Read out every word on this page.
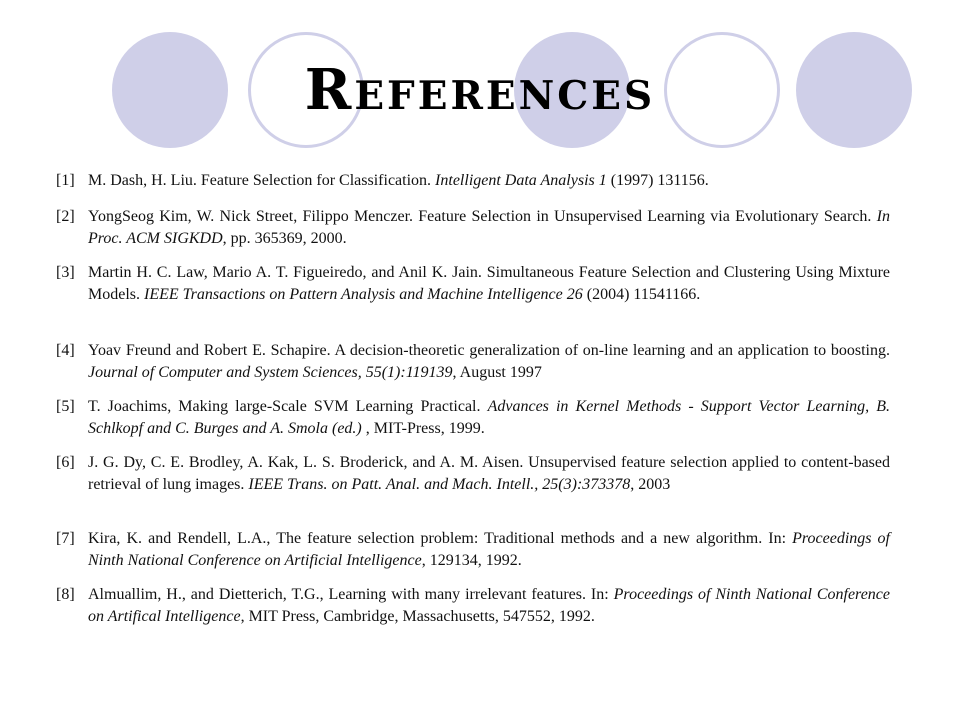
References
[1] M. Dash, H. Liu. Feature Selection for Classification. Intelligent Data Analysis 1 (1997) 131156.
[2] YongSeog Kim, W. Nick Street, Filippo Menczer. Feature Selection in Unsupervised Learning via Evolutionary Search. In Proc. ACM SIGKDD, pp. 365369, 2000.
[3] Martin H. C. Law, Mario A. T. Figueiredo, and Anil K. Jain. Simultaneous Feature Selection and Clustering Using Mixture Models. IEEE Transactions on Pattern Analysis and Machine Intelligence 26 (2004) 11541166.
[4] Yoav Freund and Robert E. Schapire. A decision-theoretic generalization of on-line learning and an application to boosting. Journal of Computer and System Sciences, 55(1):119139, August 1997
[5] T. Joachims, Making large-Scale SVM Learning Practical. Advances in Kernel Methods - Support Vector Learning, B. Schlkopf and C. Burges and A. Smola (ed.) , MIT-Press, 1999.
[6] J. G. Dy, C. E. Brodley, A. Kak, L. S. Broderick, and A. M. Aisen. Unsupervised feature selection applied to content-based retrieval of lung images. IEEE Trans. on Patt. Anal. and Mach. Intell., 25(3):373378, 2003
[7] Kira, K. and Rendell, L.A., The feature selection problem: Traditional methods and a new algorithm. In: Proceedings of Ninth National Conference on Artificial Intelligence, 129134, 1992.
[8] Almuallim, H., and Dietterich, T.G., Learning with many irrelevant features. In: Proceedings of Ninth National Conference on Artifical Intelligence, MIT Press, Cambridge, Massachusetts, 547552, 1992.
